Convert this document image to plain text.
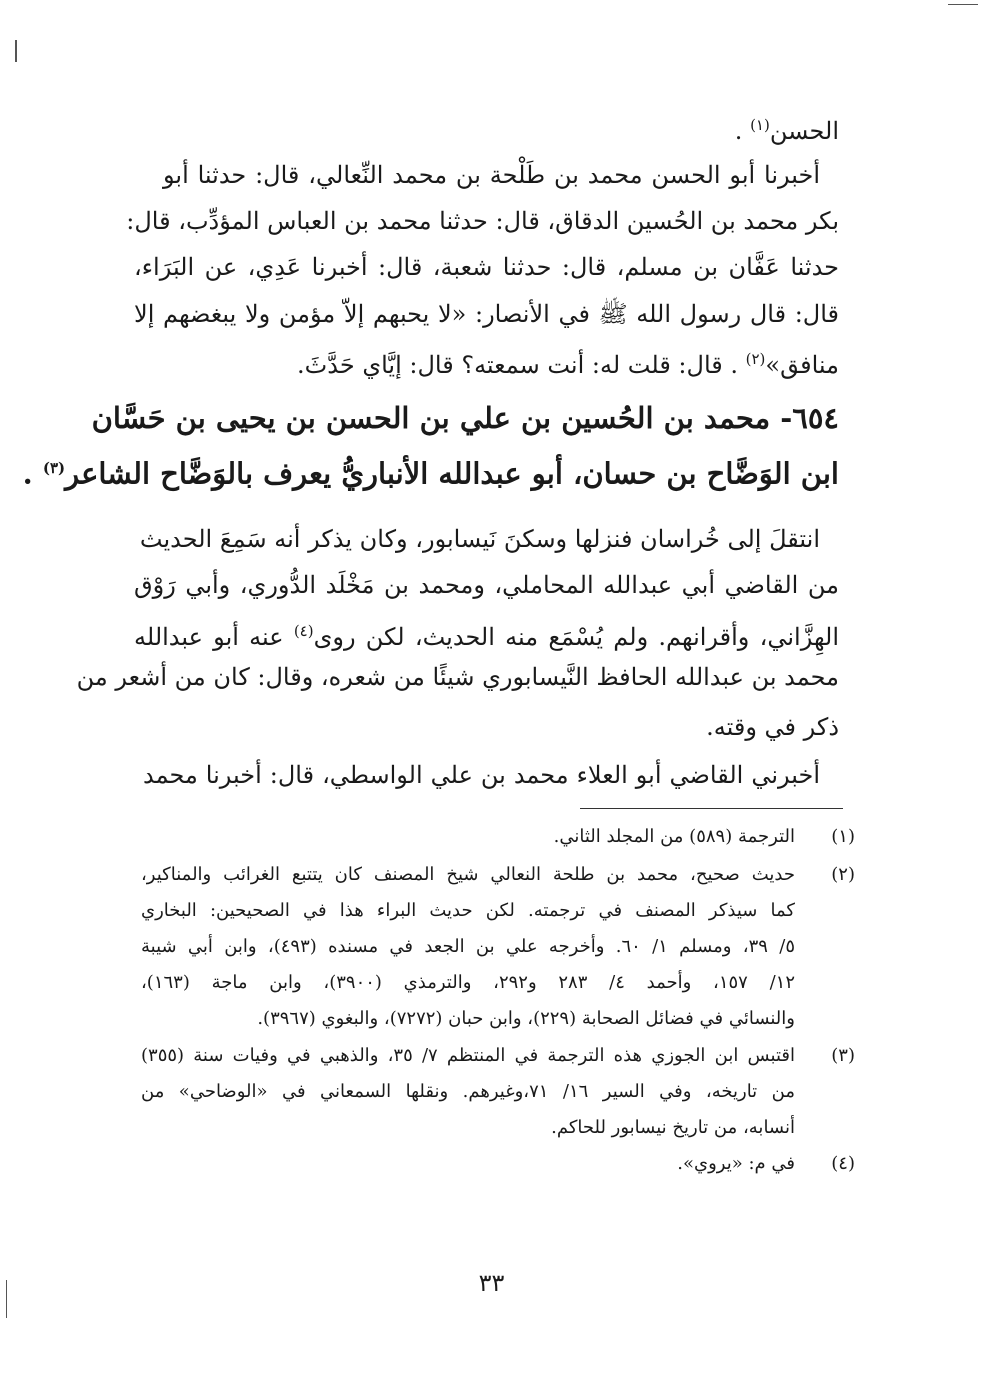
الحسن$^{(١)}$ .
أخبرنا أبو الحسن محمد بن طَلْحة بن محمد النِّعالي، قال: حدثنا أبو
بكر محمد بن الحُسين الدقاق، قال: حدثنا محمد بن العباس المؤدِّب، قال:
حدثنا عَفَّان بن مسلم، قال: حدثنا شعبة، قال: أخبرنا عَدِي، عن البَرَاء،
قال: قال رسول الله ﷺ في الأنصار: «لا يحبهم إلاّ مؤمن ولا يبغضهم إلا
منافق»$^{(٢)}$ . قال: قلت له: أنت سمعته؟ قال: إيَّاي حَدَّثَ.
٦٥٤- محمد بن الحُسين بن علي بن الحسن بن يحيى بن حَسَّان
ابن الوَضَّاح بن حسان، أبو عبدالله الأنباريُّ يعرف بالوَضَّاح الشاعر$^{(٣)}$ .
انتقلَ إلى خُراسان فنزلها وسكنَ نَيسابور، وكان يذكر أنه سَمِعَ الحديث
من القاضي أبي عبدالله المحاملي، ومحمد بن مَخْلَد الدُّوري، وأبي رَوْق
الهِزَّاني، وأقرانهم. ولم يُسْمَع منه الحديث، لكن روى$^{(٤)}$ عنه أبو عبدالله
محمد بن عبدالله الحافظ النَّيسابوري شيئًا من شعره، وقال: كان من أشعر من
ذكر في وقته.
أخبرني القاضي أبو العلاء محمد بن علي الواسطي، قال: أخبرنا محمد
(١)
الترجمة (٥٨٩) من المجلد الثاني.
(٢)
حديث صحيح، محمد بن طلحة النعالي شيخ المصنف كان يتتبع الغرائب والمناكير،
كما سيذكر المصنف في ترجمته. لكن حديث البراء هذا في الصحيحين: البخاري
٥/ ٣٩، ومسلم ١/ ٦٠. وأخرجه علي بن الجعد في مسنده (٤٩٣)، وابن أبي شيبة
١٢/ ١٥٧، وأحمد ٤/ ٢٨٣ و٢٩٢، والترمذي (٣٩٠٠)، وابن ماجة (١٦٣)،
والنسائي في فضائل الصحابة (٢٢٩)، وابن حبان (٧٢٧٢)، والبغوي (٣٩٦٧).
(٣)
اقتبس ابن الجوزي هذه الترجمة في المنتظم ٧/ ٣٥، والذهبي في وفيات سنة (٣٥٥)
من تاريخه، وفي السير ١٦/ ٧١،وغيرهم. ونقلها السمعاني في «الوضاحي» من
أنسابه، من تاريخ نيسابور للحاكم.
(٤)
في م: «يروي».
٣٣
